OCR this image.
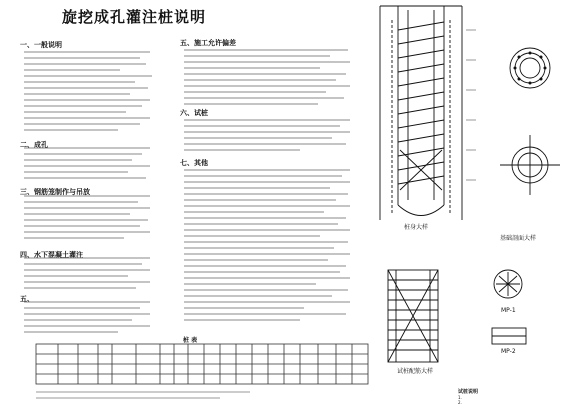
旋挖成孔灌注桩说明
一、一般说明
二、成孔
三、钢筋笼制作与吊放
四、水下混凝土灌注
五、
五、施工允许偏差
六、试桩
七、其他
桩 表
桩身大样
基础剖面大样
试桩配筋大样
MP-1
MP-2
试桩说明
1.
2.
